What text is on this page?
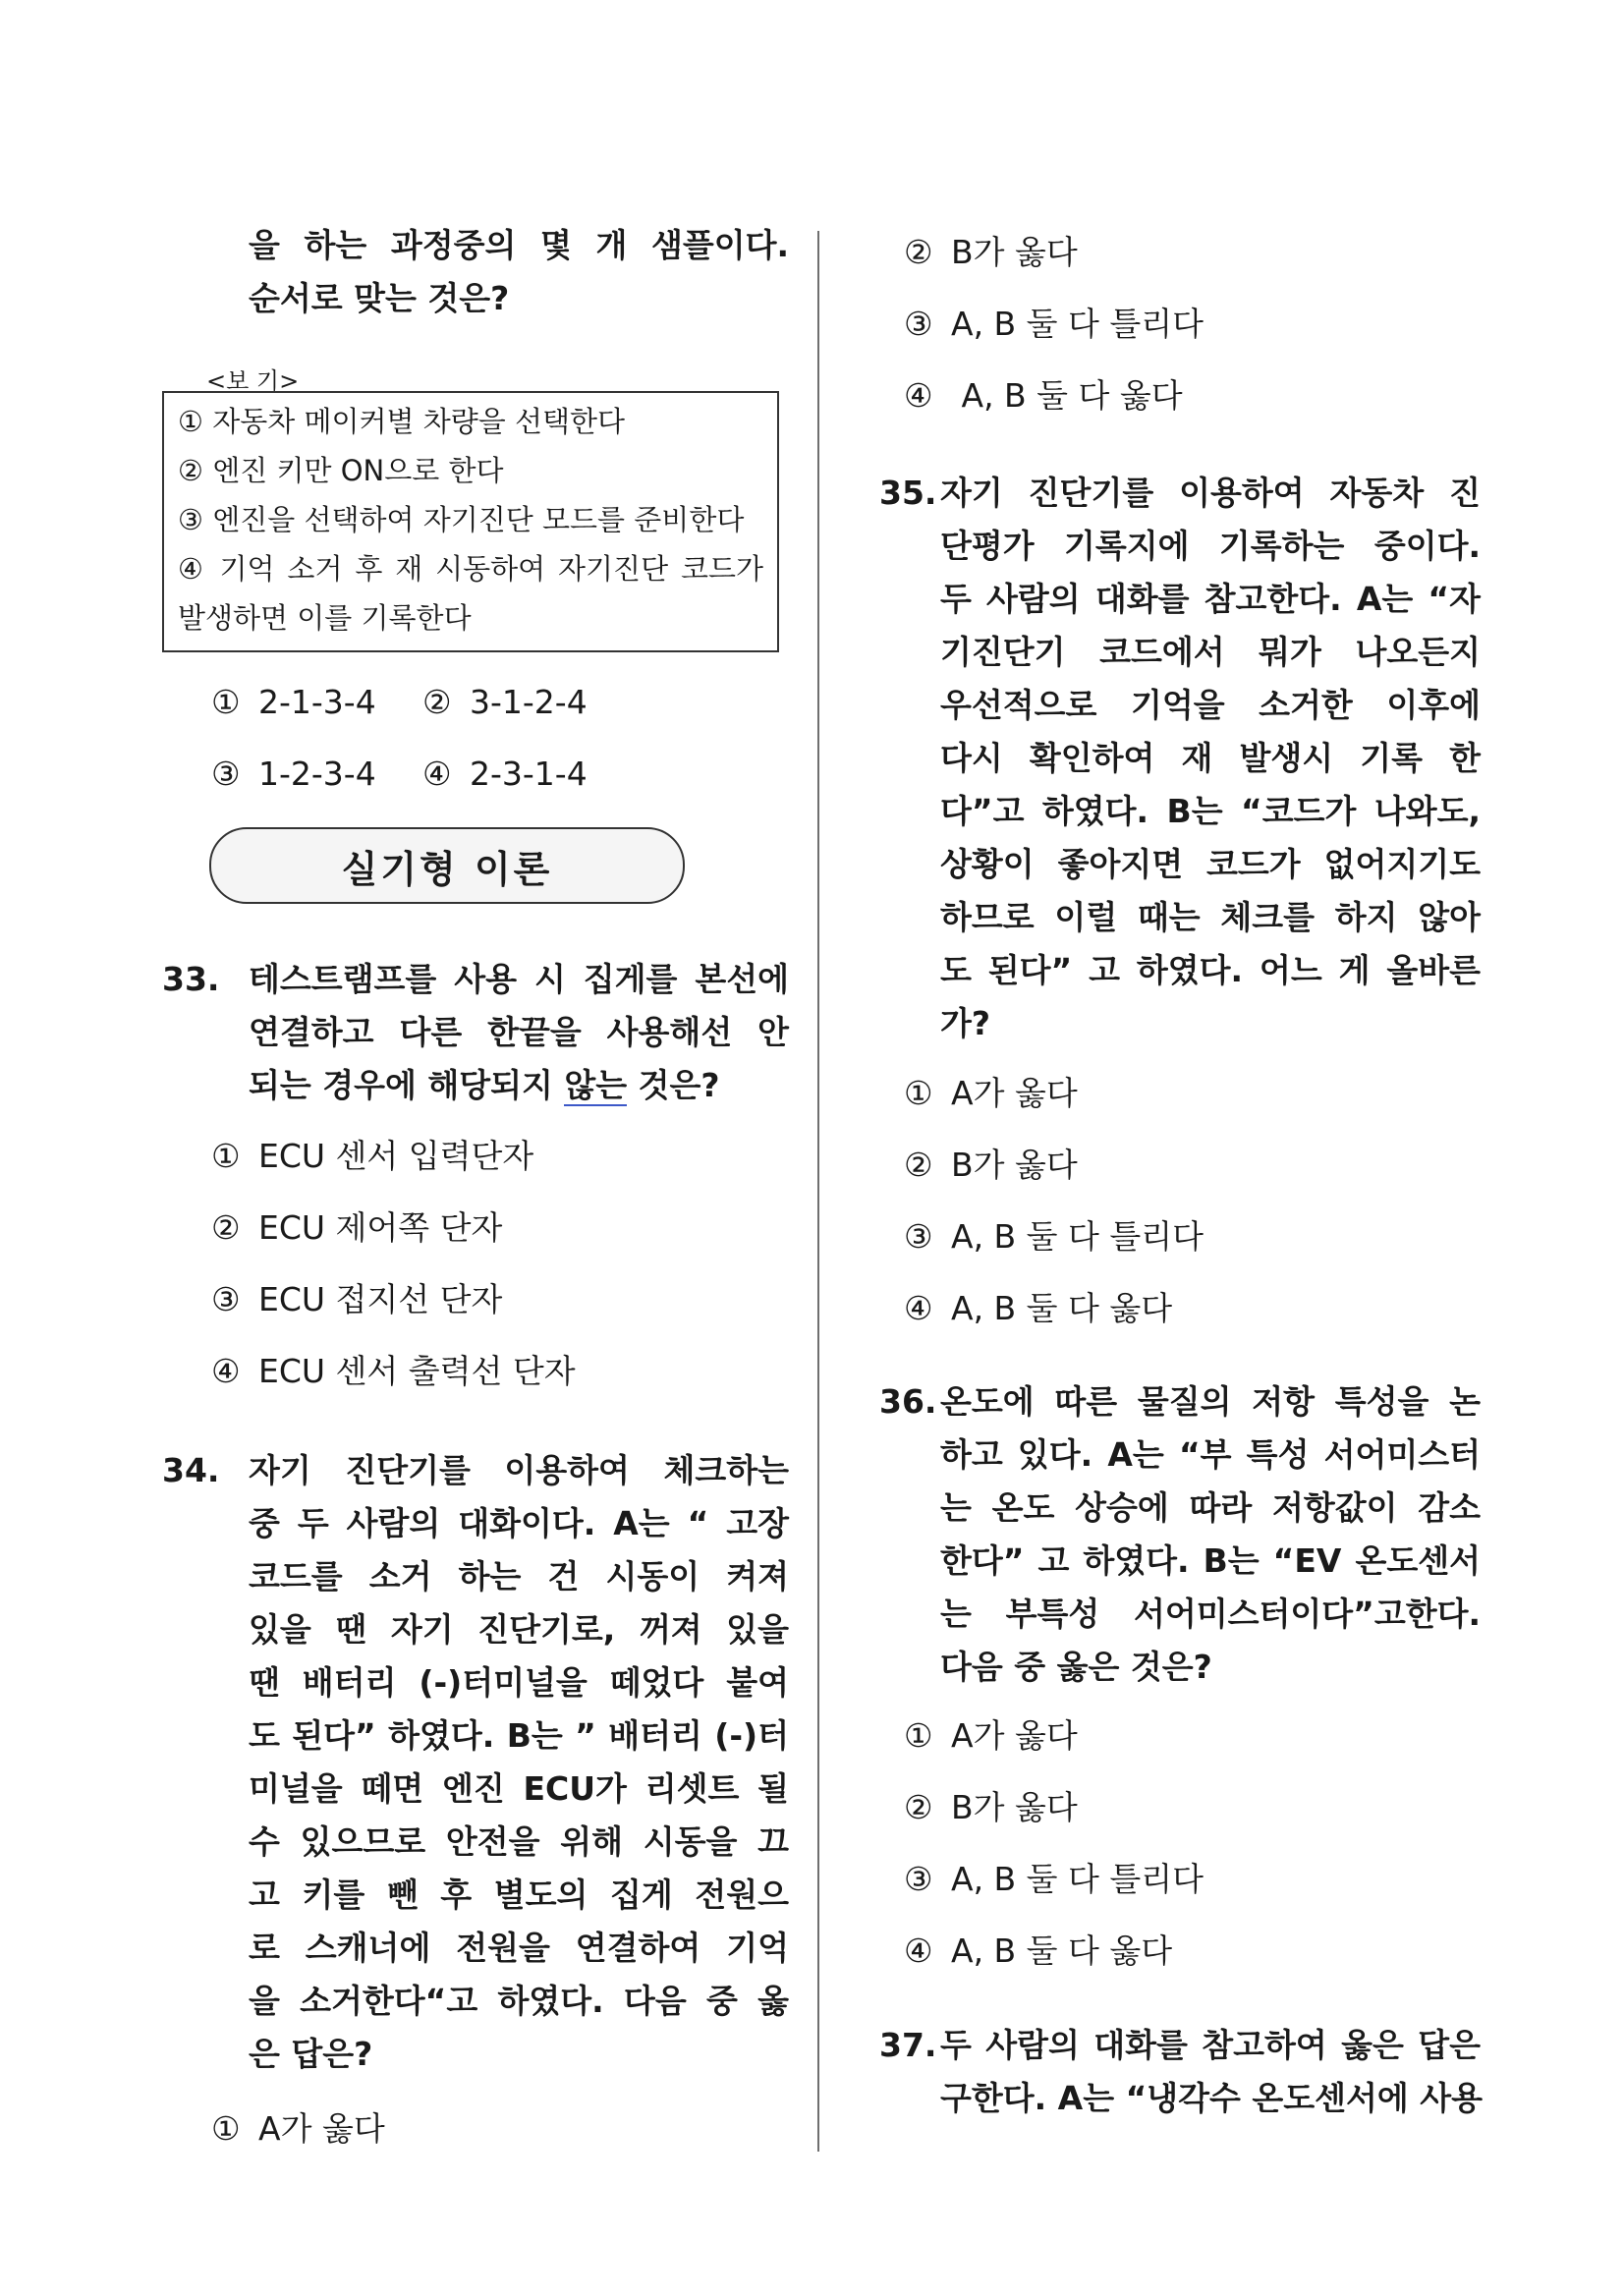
을 하는 과정중의 몇 개 샘플이다.
순서로 맞는 것은?
<보 기>
① 자동차 메이커별 차량을 선택한다
② 엔진 키만 ON으로 한다
③ 엔진을 선택하여 자기진단 모드를 준비한다
④ 기억 소거 후 재 시동하여 자기진단 코드가
발생하면 이를 기록한다
① 2-1-3-4 ② 3-1-2-4
③ 1-2-3-4 ④ 2-3-1-4
실기형 이론
33. 테스트램프를 사용 시 집게를 본선에
연결하고 다른 한끝을 사용해선 안
되는 경우에 해당되지 않는 것은?
① ECU 센서 입력단자
② ECU 제어쪽 단자
③ ECU 접지선 단자
④ ECU 센서 출력선 단자
34. 자기 진단기를 이용하여 체크하는
중 두 사람의 대화이다. A는 “ 고장
코드를 소거 하는 건 시동이 켜져
있을 땐 자기 진단기로, 꺼져 있을
땐 배터리 (-)터미널을 떼었다 붙여
도 된다” 하였다. B는 ” 배터리 (-)터
미널을 떼면 엔진 ECU가 리셋트 될
수 있으므로 안전을 위해 시동을 끄
고 키를 뺀 후 별도의 집게 전원으
로 스캐너에 전원을 연결하여 기억
을 소거한다“고 하였다. 다음 중 옳
은 답은?
① A가 옳다
② B가 옳다
③ A, B 둘 다 틀리다
④ A, B 둘 다 옳다
35. 자기 진단기를 이용하여 자동차 진
단평가 기록지에 기록하는 중이다.
두 사람의 대화를 참고한다. A는 “자
기진단기 코드에서 뭐가 나오든지
우선적으로 기억을 소거한 이후에
다시 확인하여 재 발생시 기록 한
다”고 하였다. B는 “코드가 나와도,
상황이 좋아지면 코드가 없어지기도
하므로 이럴 때는 체크를 하지 않아
도 된다” 고 하였다. 어느 게 올바른
가?
① A가 옳다
② B가 옳다
③ A, B 둘 다 틀리다
④ A, B 둘 다 옳다
36. 온도에 따른 물질의 저항 특성을 논
하고 있다. A는 “부 특성 서어미스터
는 온도 상승에 따라 저항값이 감소
한다” 고 하였다. B는 “EV 온도센서
는 부특성 서어미스터이다”고한다.
다음 중 옳은 것은?
① A가 옳다
② B가 옳다
③ A, B 둘 다 틀리다
④ A, B 둘 다 옳다
37. 두 사람의 대화를 참고하여 옳은 답은
구한다. A는 “냉각수 온도센서에 사용
